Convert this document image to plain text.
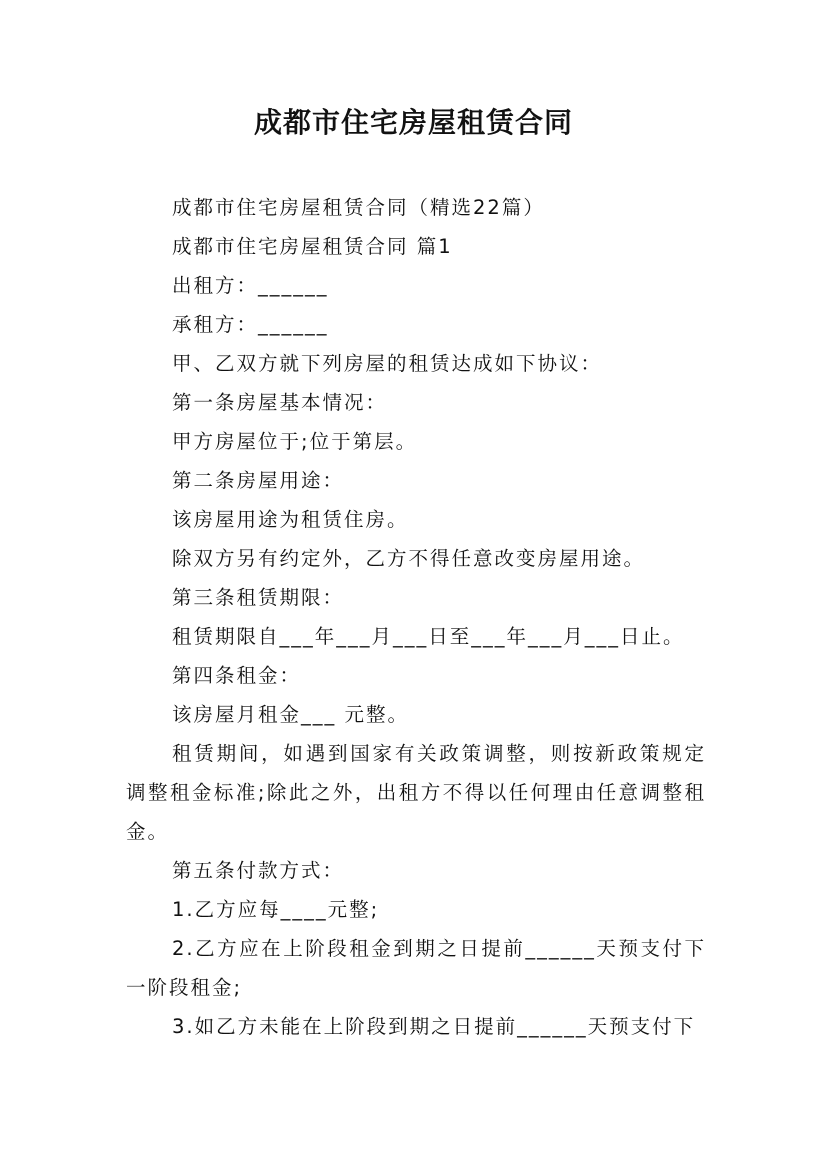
成都市住宅房屋租赁合同

成都市住宅房屋租赁合同（精选22篇）

成都市住宅房屋租赁合同 篇1

出租方：______

承租方：______

甲、乙双方就下列房屋的租赁达成如下协议：

第一条房屋基本情况：

甲方房屋位于;位于第层。

第二条房屋用途：

该房屋用途为租赁住房。

除双方另有约定外，乙方不得任意改变房屋用途。

第三条租赁期限：

租赁期限自___年___月___日至___年___月___日止。

第四条租金：

该房屋月租金___ 元整。

租赁期间，如遇到国家有关政策调整，则按新政策规定调整租金标准;除此之外，出租方不得以任何理由任意调整租金。

第五条付款方式：

1.乙方应每____元整;

2.乙方应在上阶段租金到期之日提前______天预支付下一阶段租金;

3.如乙方未能在上阶段到期之日提前______天预支付下
